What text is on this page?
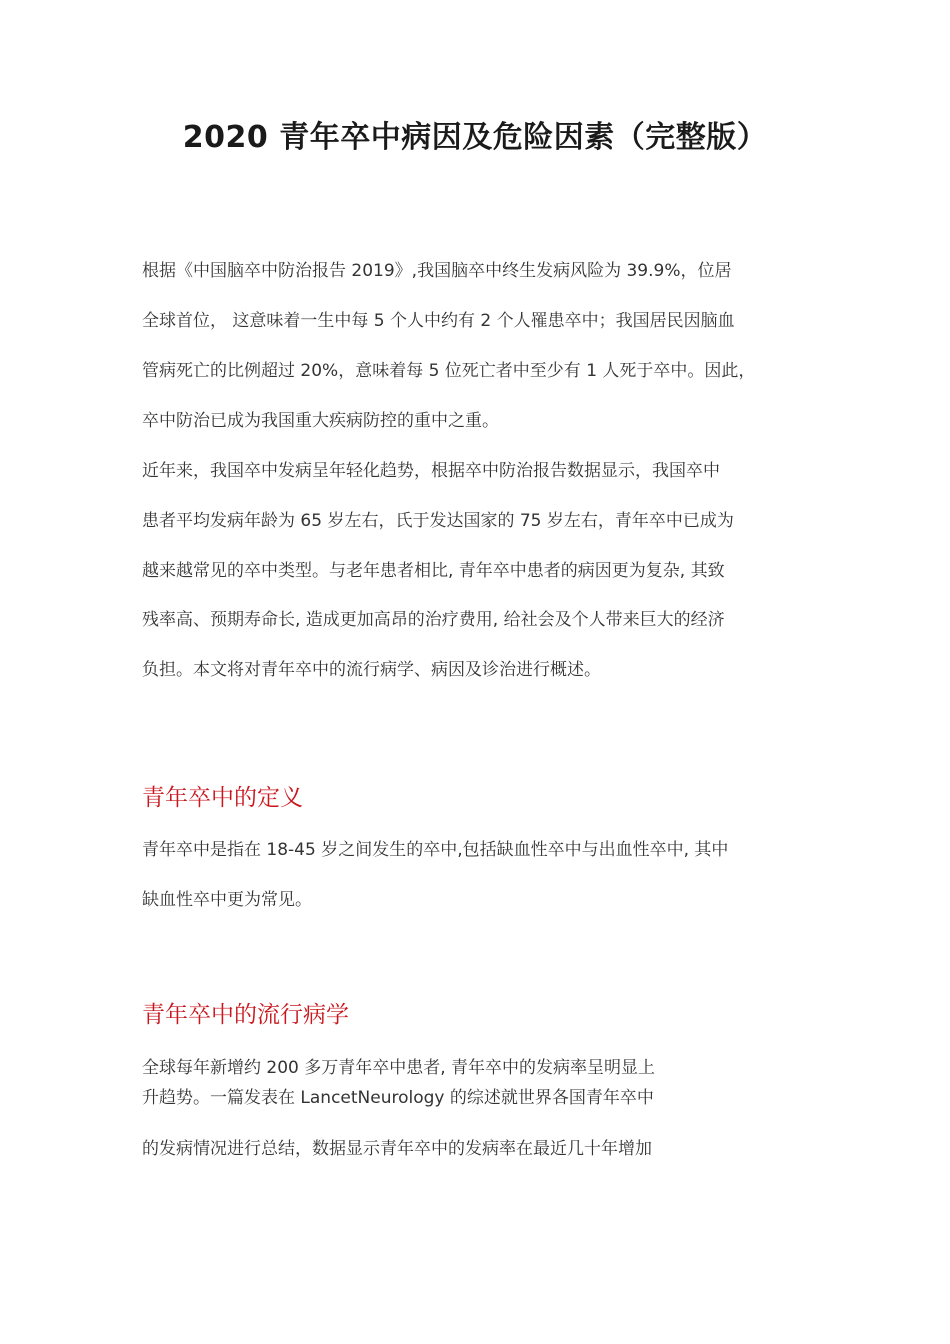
2020 青年卒中病因及危险因素（完整版）
根据《中国脑卒中防治报告 2019》,我国脑卒中终生发病风险为 39.9%，位居
全球首位， 这意味着一生中每 5 个人中约有 2 个人罹患卒中；我国居民因脑血
管病死亡的比例超过 20%，意味着每 5 位死亡者中至少有 1 人死于卒中。因此，
卒中防治已成为我国重大疾病防控的重中之重。
近年来，我国卒中发病呈年轻化趋势，根据卒中防治报告数据显示，我国卒中
患者平均发病年龄为 65 岁左右，氏于发达国家的 75 岁左右，青年卒中已成为
越来越常见的卒中类型。与老年患者相比, 青年卒中患者的病因更为复杂, 其致
残率高、预期寿命长, 造成更加高昂的治疗费用, 给社会及个人带来巨大的经济
负担。本文将对青年卒中的流行病学、病因及诊治进行概述。
青年卒中的定义
青年卒中是指在 18-45 岁之间发生的卒中,包括缺血性卒中与出血性卒中, 其中
缺血性卒中更为常见。
青年卒中的流行病学
全球每年新增约 200 多万青年卒中患者, 青年卒中的发病率呈明显上
升趋势。一篇发表在 LancetNeurology 的综述就世界各国青年卒中
的发病情况进行总结，数据显示青年卒中的发病率在最近几十年增加
